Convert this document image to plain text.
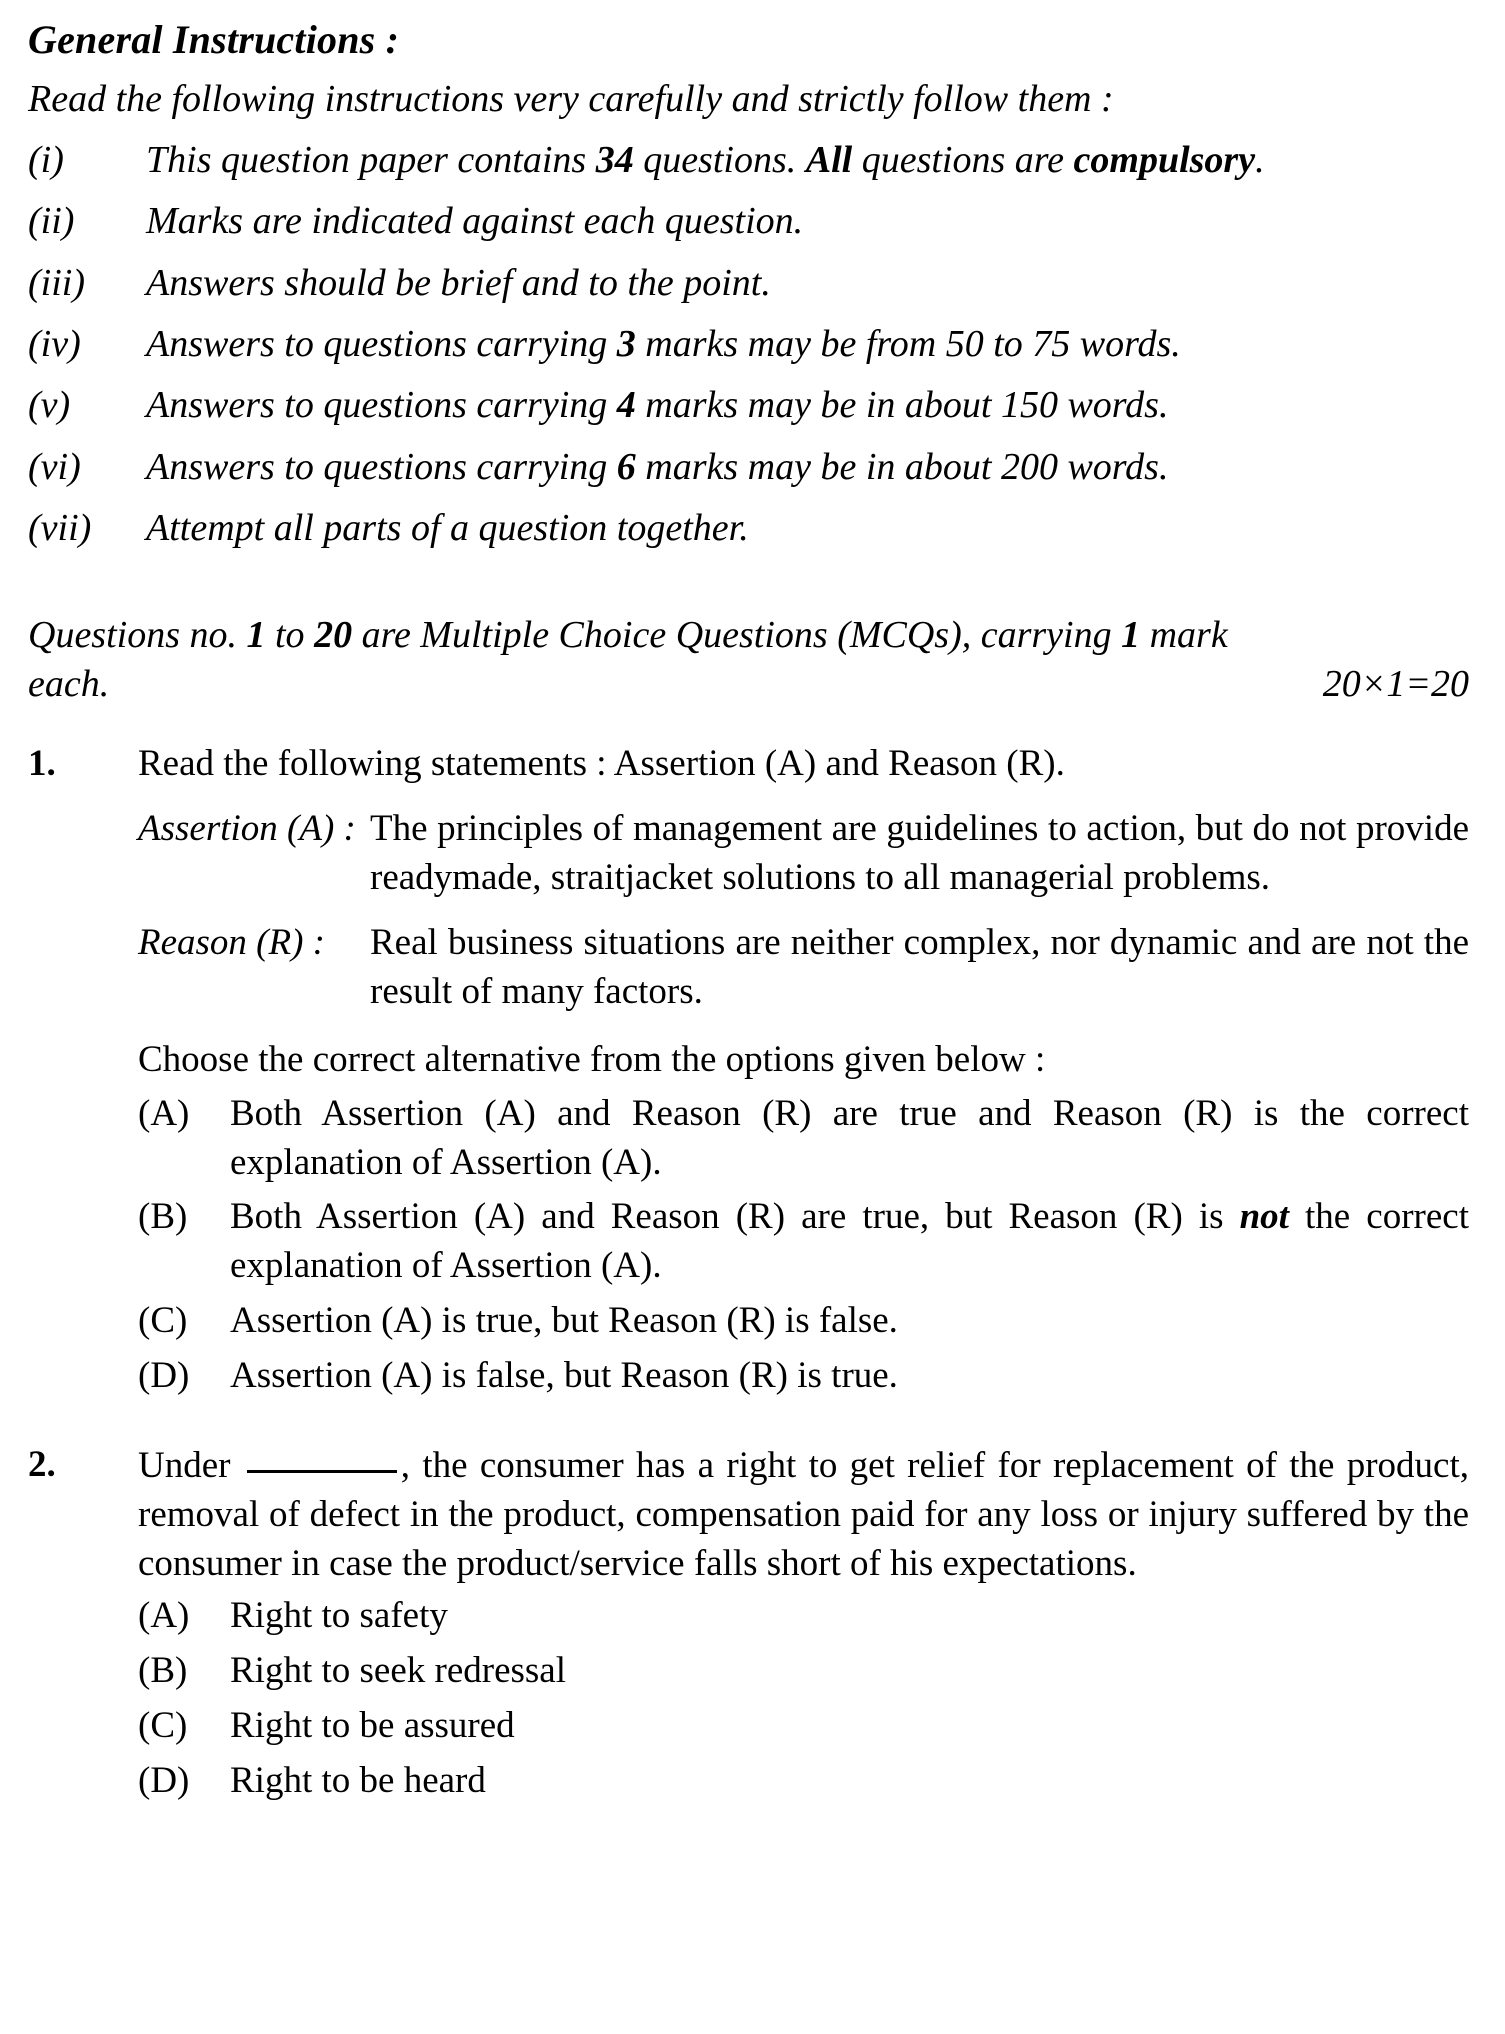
General Instructions :
Read the following instructions very carefully and strictly follow them :
(i)	This question paper contains 34 questions. All questions are compulsory.
(ii)	Marks are indicated against each question.
(iii)	Answers should be brief and to the point.
(iv)	Answers to questions carrying 3 marks may be from 50 to 75 words.
(v)	Answers to questions carrying 4 marks may be in about 150 words.
(vi)	Answers to questions carrying 6 marks may be in about 200 words.
(vii)	Attempt all parts of a question together.
Questions no. 1 to 20 are Multiple Choice Questions (MCQs), carrying 1 mark
each.	20×1=20
1.	Read the following statements : Assertion (A) and Reason (R).
Assertion (A) : The principles of management are guidelines to action, but do not provide readymade, straitjacket solutions to all managerial problems.
Reason (R) :	Real business situations are neither complex, nor dynamic and are not the result of many factors.
Choose the correct alternative from the options given below :
(A)	Both Assertion (A) and Reason (R) are true and Reason (R) is the correct explanation of Assertion (A).
(B)	Both Assertion (A) and Reason (R) are true, but Reason (R) is not the correct explanation of Assertion (A).
(C)	Assertion (A) is true, but Reason (R) is false.
(D)	Assertion (A) is false, but Reason (R) is true.
2.	Under	, the consumer has a right to get relief for replacement of the product, removal of defect in the product, compensation paid for any loss or injury suffered by the consumer in case the product/service falls short of his expectations.
(A)	Right to safety
(B)	Right to seek redressal
(C)	Right to be assured
(D)	Right to be heard
